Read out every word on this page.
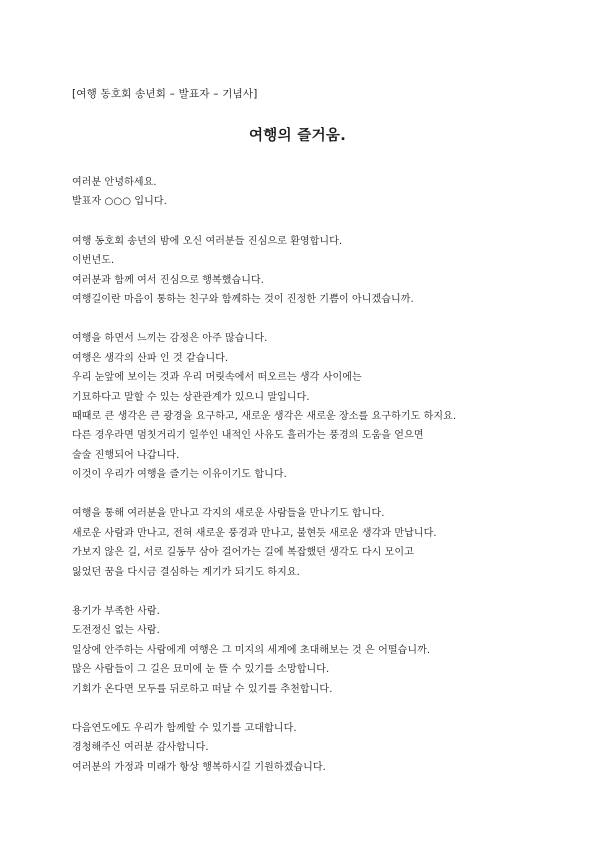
[여행 동호회 송년회 – 발표자 – 기념사]
여행의 즐거움.
여러분 안녕하세요.
발표자 ○○○ 입니다.
여행 동호회 송년의 밤에 오신 여러분들 진심으로 환영합니다.
이번년도.
여러분과 함께 여서 진심으로 행복했습니다.
여행길이란 마음이 통하는 친구와 함께하는 것이 진정한 기쁨이 아니겠습니까.
여행을 하면서 느끼는 감정은 아주 많습니다.
여행은 생각의 산파 인 것 같습니다.
우리 눈앞에 보이는 것과 우리 머릿속에서 떠오르는 생각 사이에는
기묘하다고 말할 수 있는 상관관계가 있으니 말입니다.
때때로 큰 생각은 큰 광경을 요구하고, 새로운 생각은 새로운 장소를 요구하기도 하지요.
다른 경우라면 멈칫거리기 일쑤인 내적인 사유도 흘러가는 풍경의 도움을 얻으면
술술 진행되어 나갑니다.
이것이 우리가 여행을 즐기는 이유이기도 합니다.
여행을 통해 여러분을 만나고 각지의 새로운 사람들을 만나기도 합니다.
새로운 사람과 만나고, 전혀 새로운 풍경과 만나고, 불현듯 새로운 생각과 만납니다.
가보지 않은 길, 서로 길동무 삼아 걸어가는 길에 복잡했던 생각도 다시 모이고
잃었던 꿈을 다시금 결심하는 계기가 되기도 하지요.
용기가 부족한 사람.
도전정신 없는 사람.
일상에 안주하는 사람에게 여행은 그 미지의 세계에 초대해보는 것 은 어떨습니까.
많은 사람들이 그 길은 묘미에 눈 뜰 수 있기를 소망합니다.
기회가 온다면 모두를 뒤로하고 떠날 수 있기를 추천합니다.
다음연도에도 우리가 함께할 수 있기를 고대합니다.
경청해주신 여러분 감사합니다.
여러분의 가정과 미래가 항상 행복하시길 기원하겠습니다.
